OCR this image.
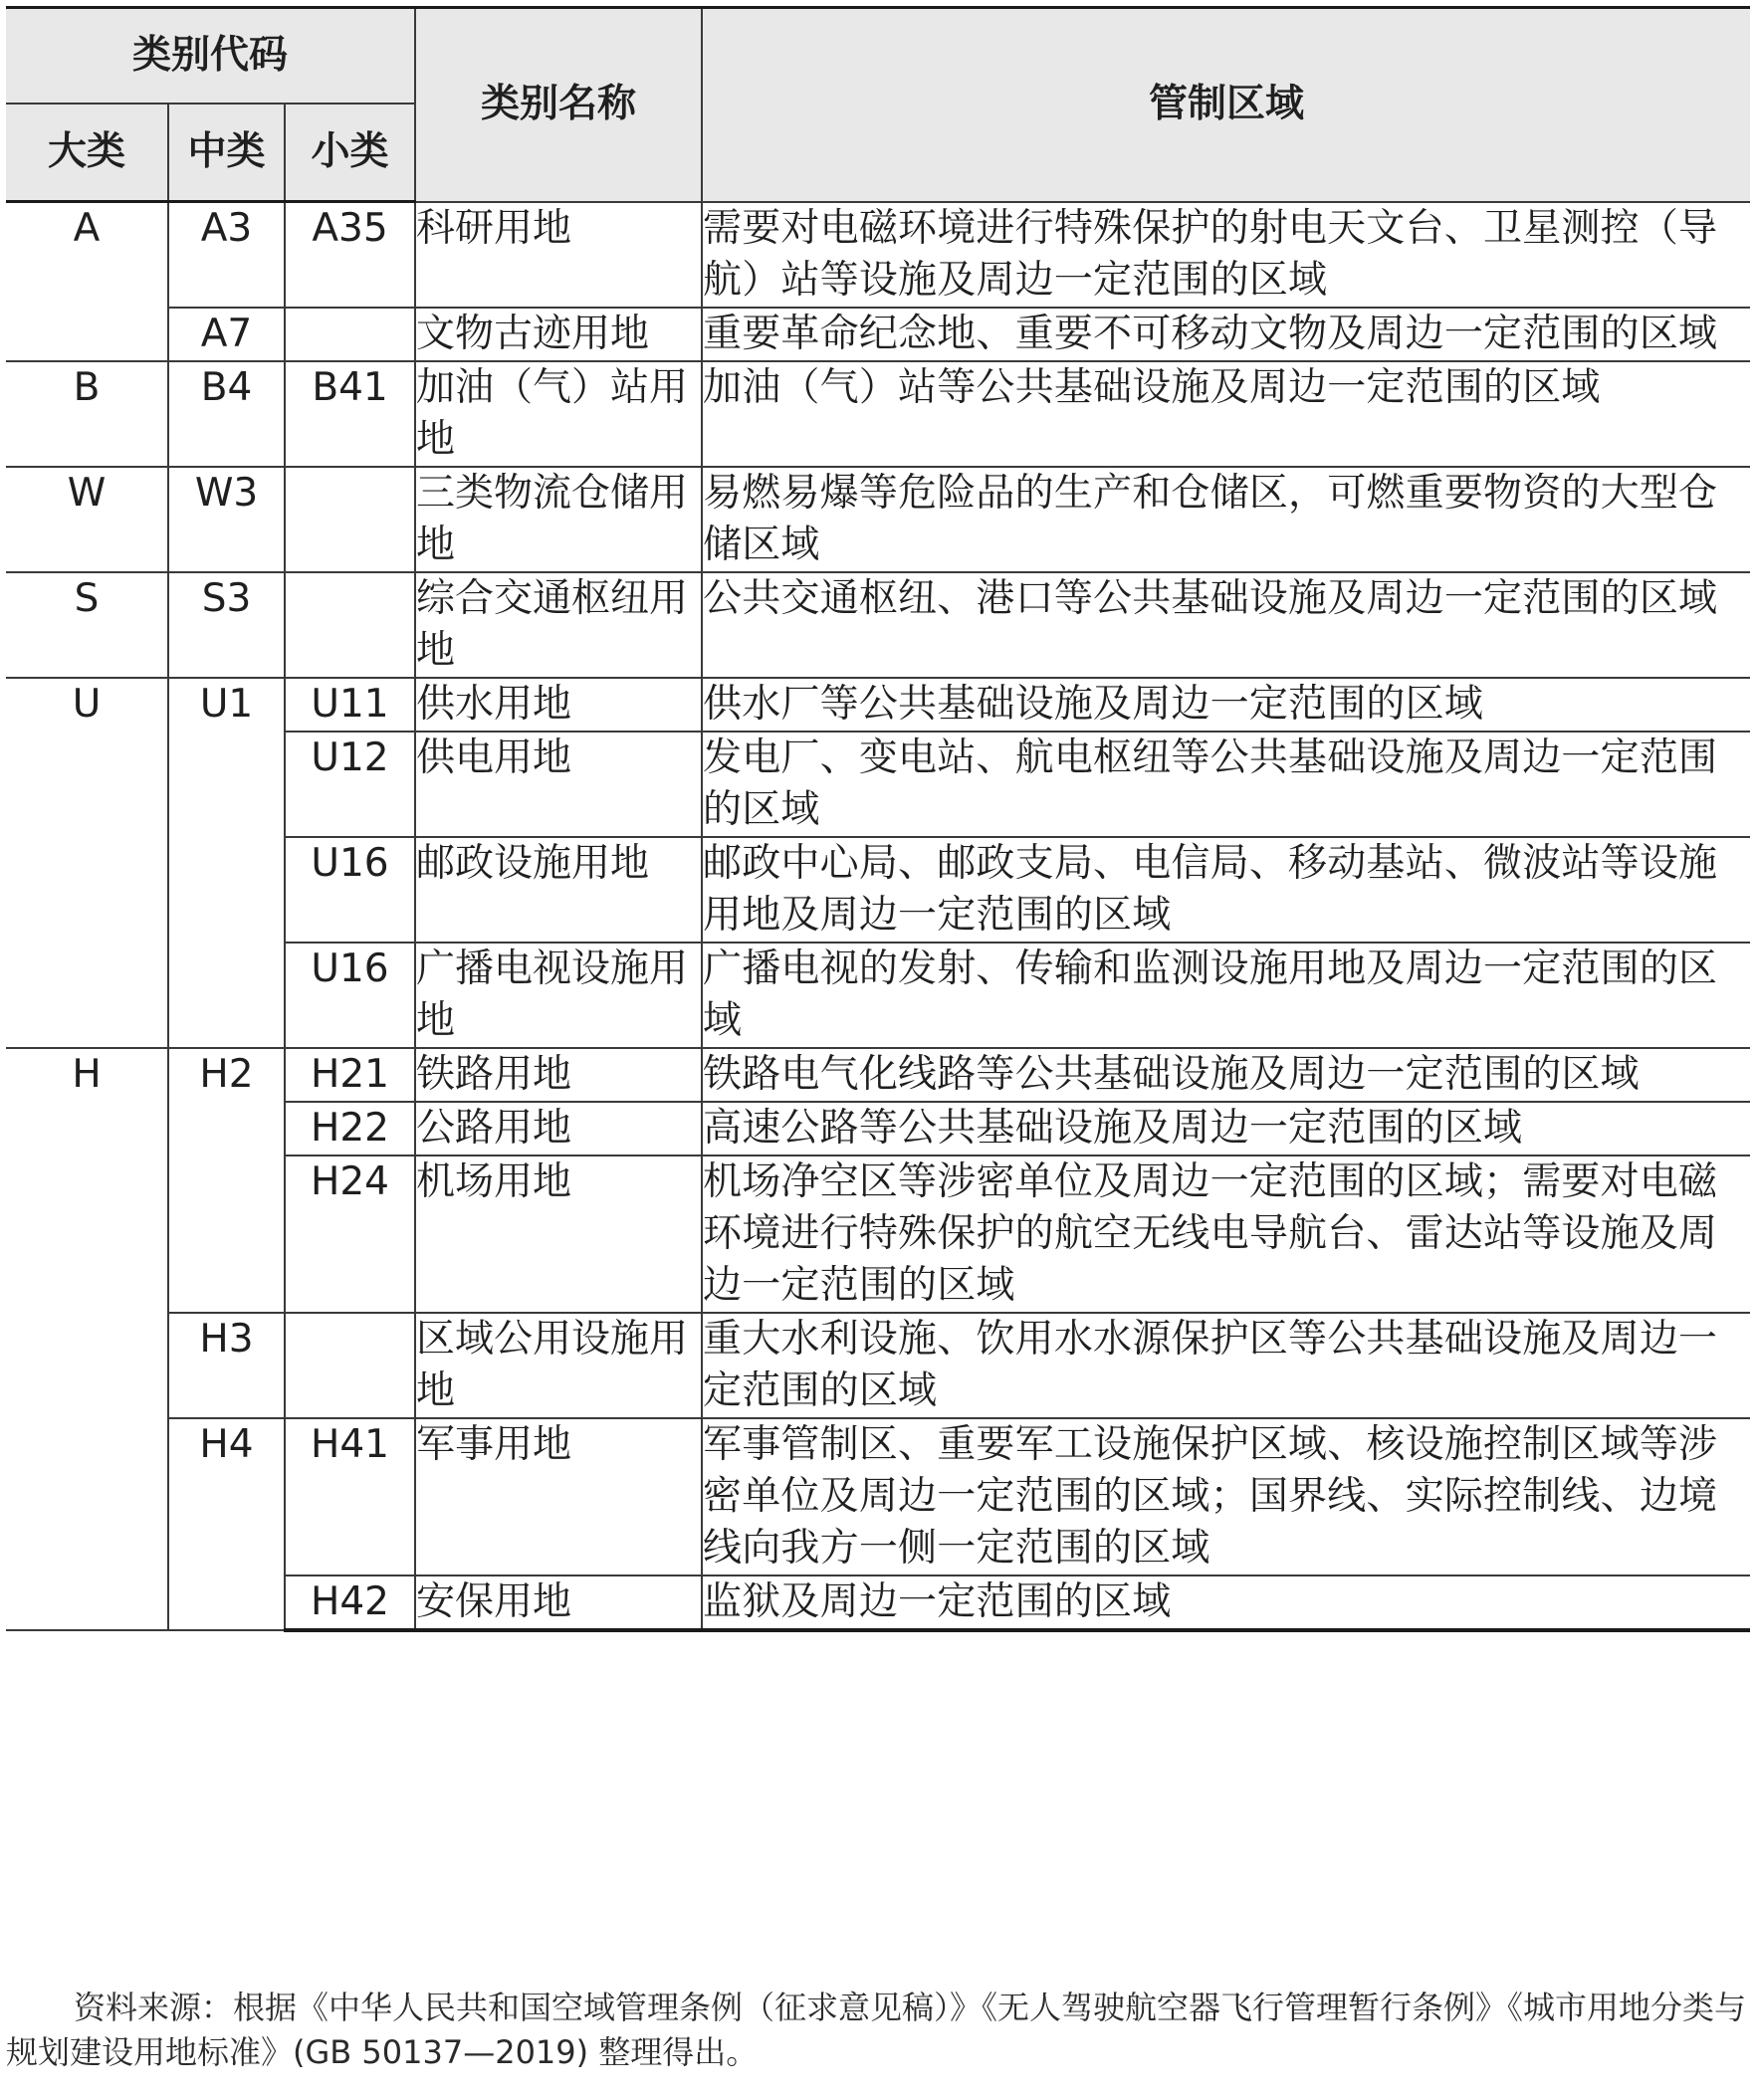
类别代码			类别名称	管制区域
大类	中类	小类		
A	A3	A35	科研用地	需要对电磁环境进行特殊保护的射电天文台、卫星测控（导航）站等设施及周边一定范围的区域
	A7		文物古迹用地	重要革命纪念地、重要不可移动文物及周边一定范围的区域
B	B4	B41	加油（气）站用地	加油（气）站等公共基础设施及周边一定范围的区域
W	W3		三类物流仓储用地	易燃易爆等危险品的生产和仓储区，可燃重要物资的大型仓储区域
S	S3		综合交通枢纽用地	公共交通枢纽、港口等公共基础设施及周边一定范围的区域
U	U1	U11	供水用地	供水厂等公共基础设施及周边一定范围的区域
		U12	供电用地	发电厂、变电站、航电枢纽等公共基础设施及周边一定范围的区域
		U16	邮政设施用地	邮政中心局、邮政支局、电信局、移动基站、微波站等设施用地及周边一定范围的区域
		U16	广播电视设施用地	广播电视的发射、传输和监测设施用地及周边一定范围的区域
H	H2	H21	铁路用地	铁路电气化线路等公共基础设施及周边一定范围的区域
		H22	公路用地	高速公路等公共基础设施及周边一定范围的区域
		H24	机场用地	机场净空区等涉密单位及周边一定范围的区域；需要对电磁环境进行特殊保护的航空无线电导航台、雷达站等设施及周边一定范围的区域
	H3		区域公用设施用地	重大水利设施、饮用水水源保护区等公共基础设施及周边一定范围的区域
	H4	H41	军事用地	军事管制区、重要军工设施保护区域、核设施控制区域等涉密单位及周边一定范围的区域；国界线、实际控制线、边境线向我方一侧一定范围的区域
		H42	安保用地	监狱及周边一定范围的区域
资料来源：根据《中华人民共和国空域管理条例（征求意见稿）》《无人驾驶航空器飞行管理暂行条例》《城市用地分类与规划建设用地标准》(GB 50137—2019) 整理得出。
